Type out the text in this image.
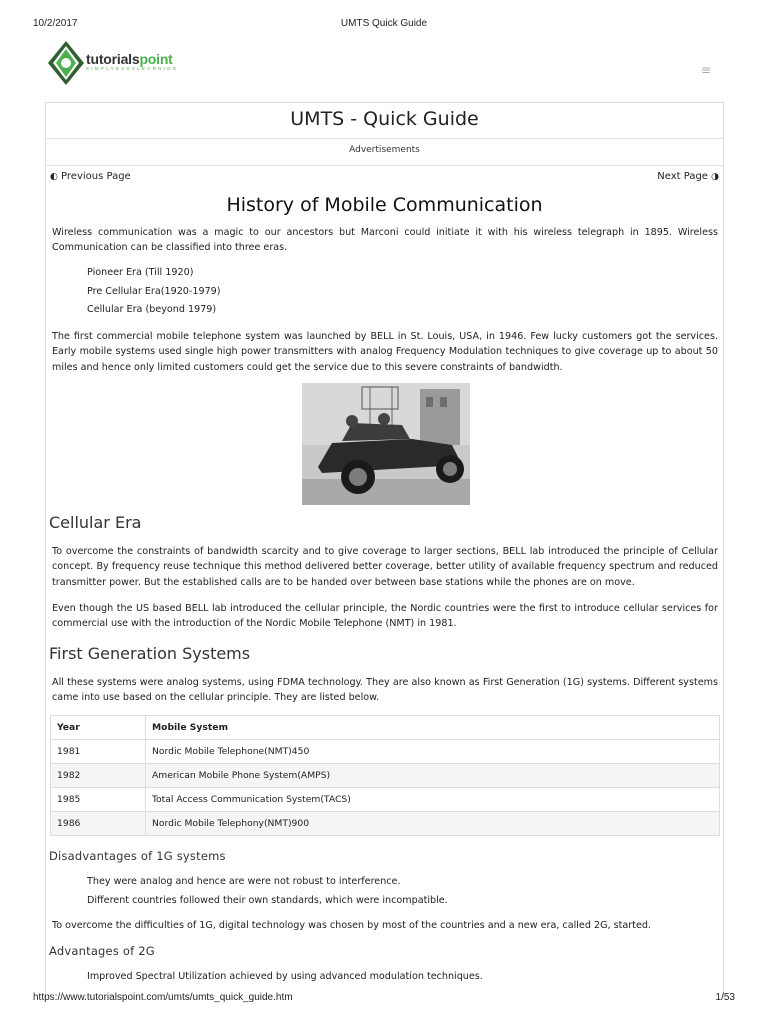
10/2/2017	UMTS Quick Guide
tutorialspoint
SIMPLYEASYLEARNING	≡
UMTS - Quick Guide
Advertisements
◐ Previous Page	Next Page ◑
History of Mobile Communication
Wireless communication was a magic to our ancestors but Marconi could initiate it with his wireless telegraph in 1895. Wireless Communication can be classified into three eras.
Pioneer Era (Till 1920)
Pre Cellular Era(1920-1979)
Cellular Era (beyond 1979)
The first commercial mobile telephone system was launched by BELL in St. Louis, USA, in 1946. Few lucky customers got the services. Early mobile systems used single high power transmitters with analog Frequency Modulation techniques to give coverage up to about 50 miles and hence only limited customers could get the service due to this severe constraints of bandwidth.
Cellular Era
To overcome the constraints of bandwidth scarcity and to give coverage to larger sections, BELL lab introduced the principle of Cellular concept. By frequency reuse technique this method delivered better coverage, better utility of available frequency spectrum and reduced transmitter power. But the established calls are to be handed over between base stations while the phones are on move.
Even though the US based BELL lab introduced the cellular principle, the Nordic countries were the first to introduce cellular services for commercial use with the introduction of the Nordic Mobile Telephone (NMT) in 1981.
First Generation Systems
All these systems were analog systems, using FDMA technology. They are also known as First Generation (1G) systems. Different systems came into use based on the cellular principle. They are listed below.
Year	Mobile System
1981	Nordic Mobile Telephone(NMT)450
1982	American Mobile Phone System(AMPS)
1985	Total Access Communication System(TACS)
1986	Nordic Mobile Telephony(NMT)900
Disadvantages of 1G systems
They were analog and hence are were not robust to interference.
Different countries followed their own standards, which were incompatible.
To overcome the difficulties of 1G, digital technology was chosen by most of the countries and a new era, called 2G, started.
Advantages of 2G
Improved Spectral Utilization achieved by using advanced modulation techniques.
https://www.tutorialspoint.com/umts/umts_quick_guide.htm	1/53
